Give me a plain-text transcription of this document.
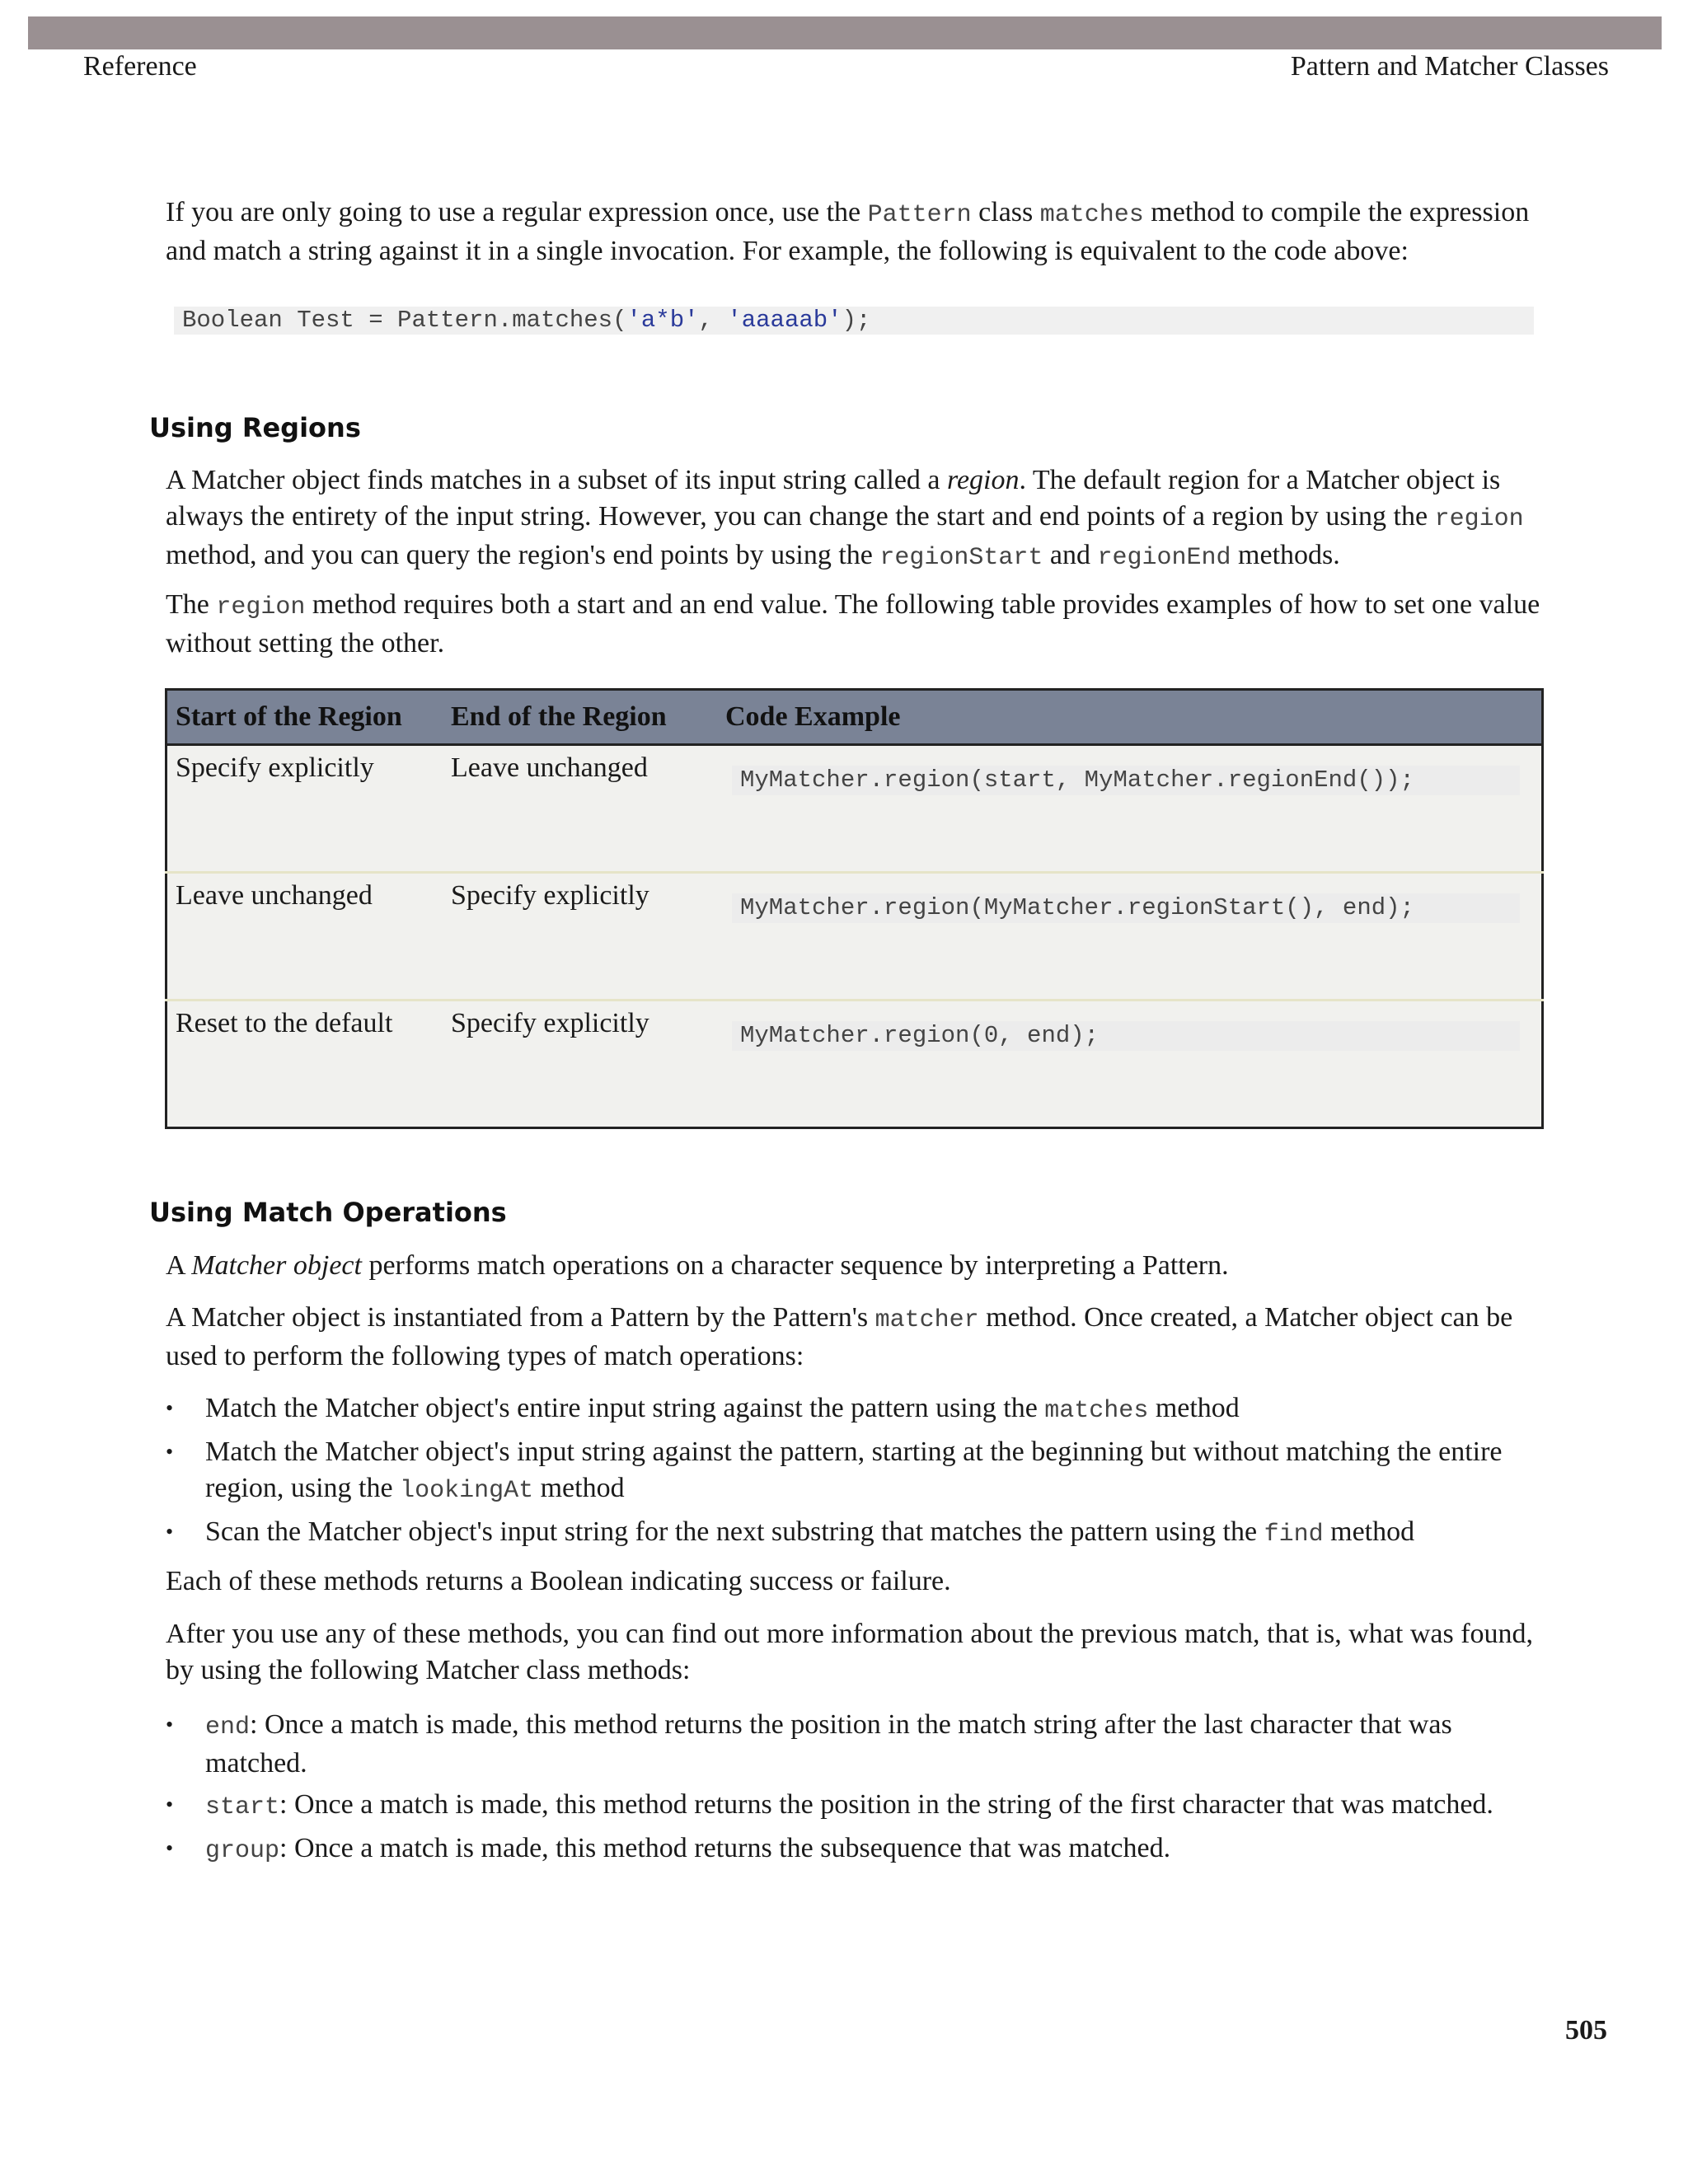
Reference	Pattern and Matcher Classes

If you are only going to use a regular expression once, use the Pattern class matches method to compile the expression and match a string against it in a single invocation. For example, the following is equivalent to the code above:

Boolean Test = Pattern.matches('a*b', 'aaaaab');
Using Regions

A Matcher object finds matches in a subset of its input string called a region. The default region for a Matcher object is always the entirety of the input string. However, you can change the start and end points of a region by using the region method, and you can query the region's end points by using the regionStart and regionEnd methods.

The region method requires both a start and an end value. The following table provides examples of how to set one value without setting the other.

Start of the Region	End of the Region	Code Example
Specify explicitly	Leave unchanged	MyMatcher.region(start, MyMatcher.regionEnd());

Leave unchanged	Specify explicitly	MyMatcher.region(MyMatcher.regionStart(), end);

Reset to the default	Specify explicitly	MyMatcher.region(0, end);
Using Match Operations

A Matcher object performs match operations on a character sequence by interpreting a Pattern.

A Matcher object is instantiated from a Pattern by the Pattern's matcher method. Once created, a Matcher object can be used to perform the following types of match operations:

• Match the Matcher object's entire input string against the pattern using the matches method
• Match the Matcher object's input string against the pattern, starting at the beginning but without matching the entire region, using the lookingAt method
• Scan the Matcher object's input string for the next substring that matches the pattern using the find method

Each of these methods returns a Boolean indicating success or failure.

After you use any of these methods, you can find out more information about the previous match, that is, what was found, by using the following Matcher class methods:

• end: Once a match is made, this method returns the position in the match string after the last character that was matched.
• start: Once a match is made, this method returns the position in the string of the first character that was matched.
• group: Once a match is made, this method returns the subsequence that was matched.
505
